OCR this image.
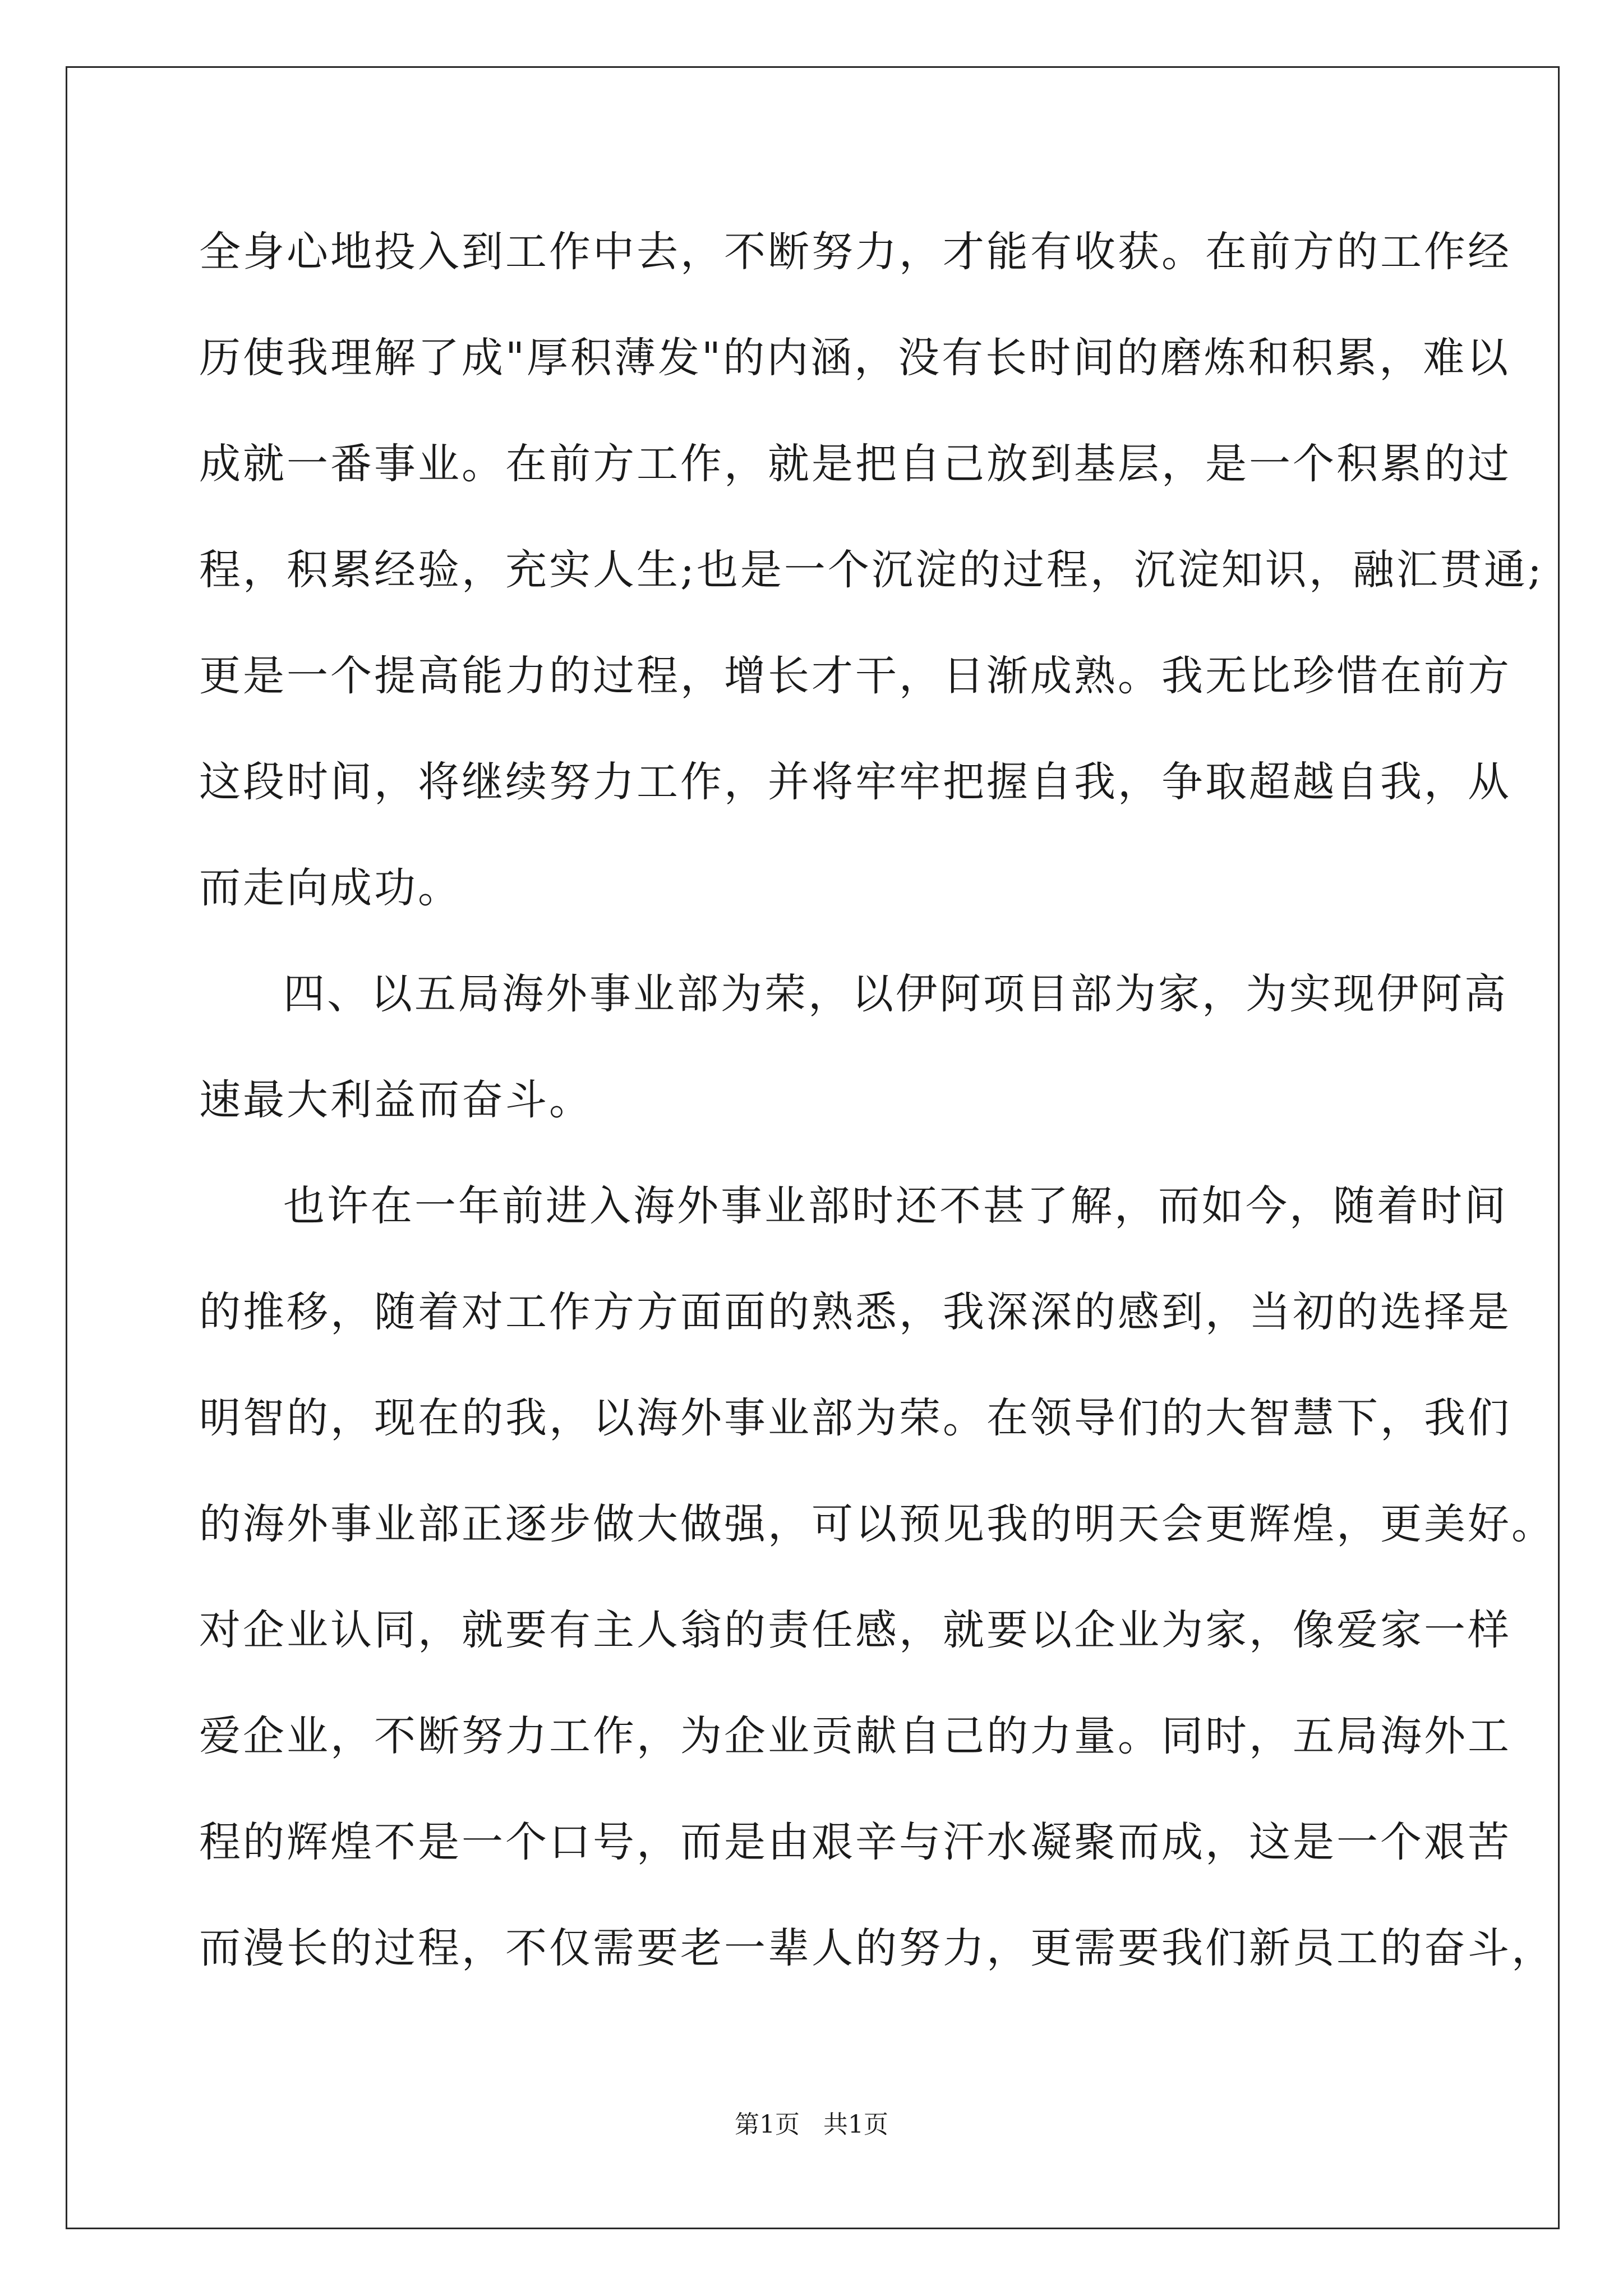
全身心地投入到工作中去，不断努力，才能有收获。在前方的工作经
历使我理解了成"厚积薄发"的内涵，没有长时间的磨炼和积累，难以
成就一番事业。在前方工作，就是把自己放到基层，是一个积累的过
程，积累经验，充实人生;也是一个沉淀的过程，沉淀知识，融汇贯通;
更是一个提高能力的过程，增长才干，日渐成熟。我无比珍惜在前方
这段时间，将继续努力工作，并将牢牢把握自我，争取超越自我，从
而走向成功。
四、以五局海外事业部为荣，以伊阿项目部为家，为实现伊阿高
速最大利益而奋斗。
也许在一年前进入海外事业部时还不甚了解，而如今，随着时间
的推移，随着对工作方方面面的熟悉，我深深的感到，当初的选择是
明智的，现在的我，以海外事业部为荣。在领导们的大智慧下，我们
的海外事业部正逐步做大做强，可以预见我的明天会更辉煌，更美好。
对企业认同，就要有主人翁的责任感，就要以企业为家，像爱家一样
爱企业，不断努力工作，为企业贡献自己的力量。同时，五局海外工
程的辉煌不是一个口号，而是由艰辛与汗水凝聚而成，这是一个艰苦
而漫长的过程，不仅需要老一辈人的努力，更需要我们新员工的奋斗，
第1页   共1页
